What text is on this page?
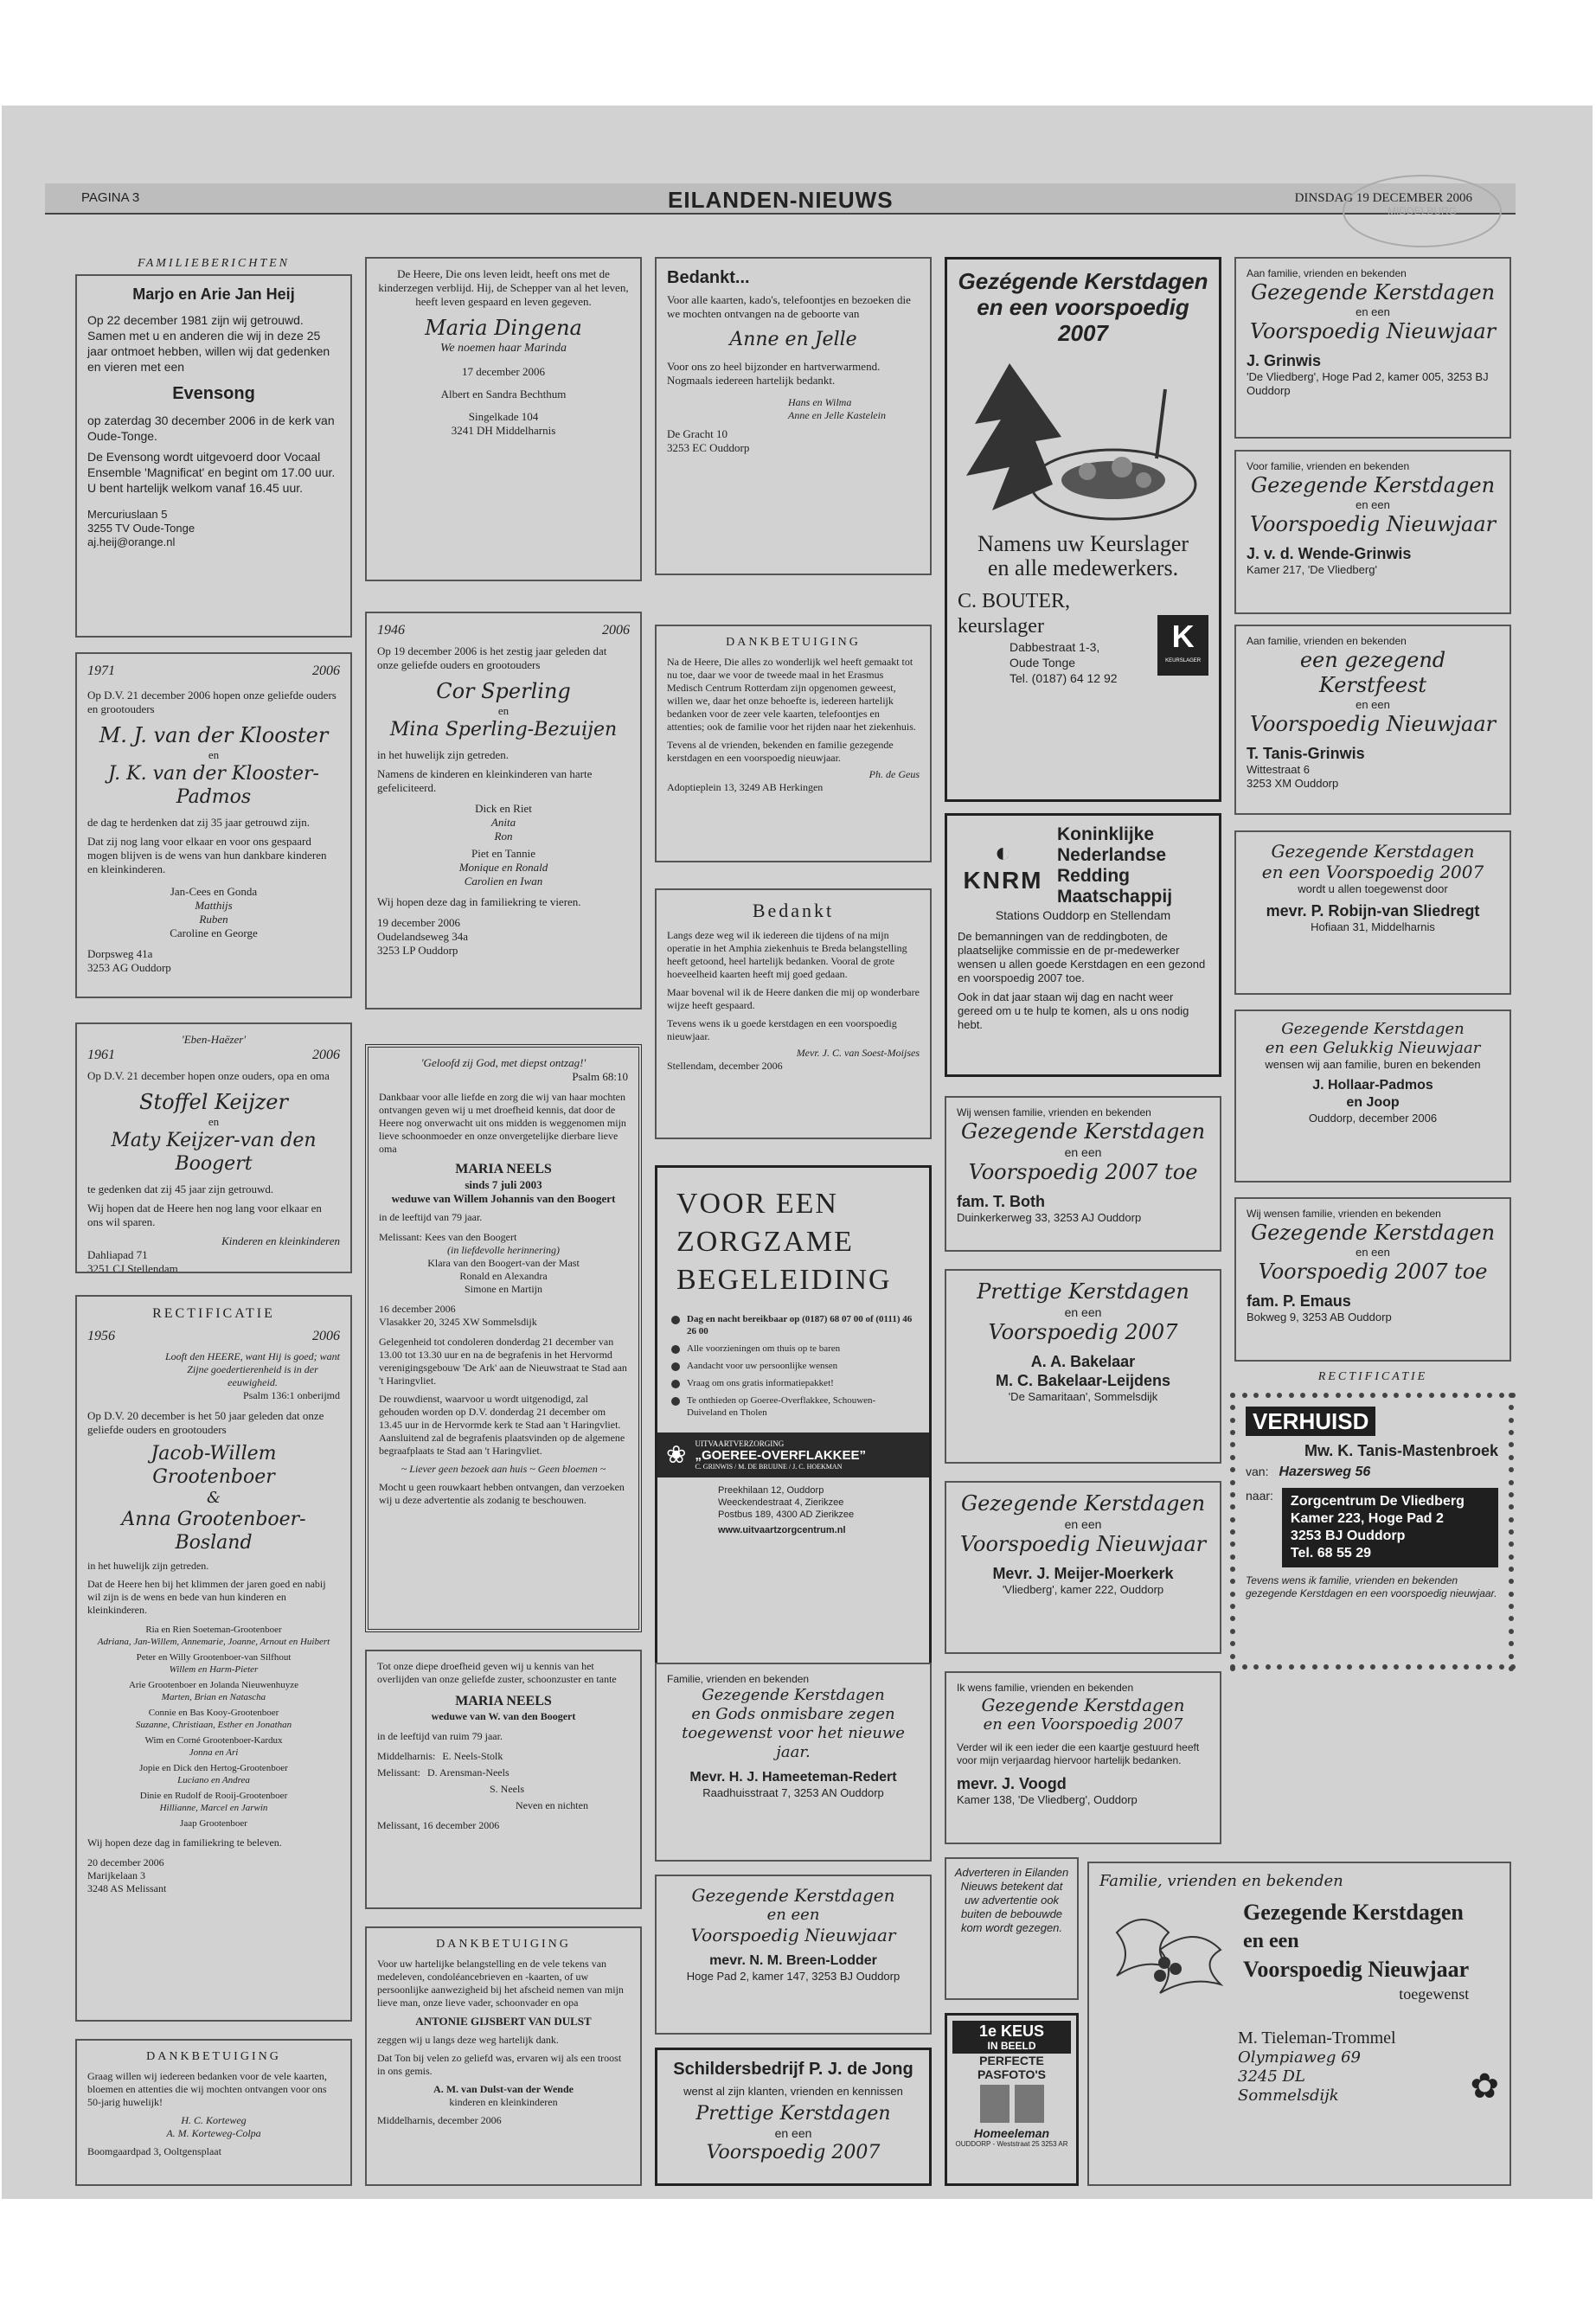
PAGINA 3	EILANDEN-NIEUWS	DINSDAG 19 DECEMBER 2006
MIDDELBURG
FAMILIEBERICHTEN

Marjo en Arie Jan Heij

Op 22 december 1981 zijn wij getrouwd. Samen met u en anderen die wij in deze 25 jaar ontmoet hebben, willen wij dat gedenken en vieren met een

Evensong

op zaterdag 30 december 2006 in de kerk van Oude-Tonge.

De Evensong wordt uitgevoerd door Vocaal Ensemble 'Magnificat' en begint om 17.00 uur. U bent hartelijk welkom vanaf 16.45 uur.

Mercuriuslaan 5

3255 TV Oude-Tonge

aj.heij@orange.nl

1971	2006

Op D.V. 21 december 2006 hopen onze geliefde ouders en grootouders

M. J. van der Klooster

en

J. K. van der Klooster-Padmos

de dag te herdenken dat zij 35 jaar getrouwd zijn.

Dat zij nog lang voor elkaar en voor ons gespaard mogen blijven is de wens van hun dankbare kinderen en kleinkinderen.

Jan-Cees en Gonda

Matthijs

Ruben

Caroline en George

Dorpsweg 41a

3253 AG Ouddorp

'Eben-Haëzer'

1961	2006

Op D.V. 21 december hopen onze ouders, opa en oma

Stoffel Keijzer

en

Maty Keijzer-van den Boogert

te gedenken dat zij 45 jaar zijn getrouwd.

Wij hopen dat de Heere hen nog lang voor elkaar en ons wil sparen.

Kinderen en kleinkinderen

Dahliapad 71

3251 CJ Stellendam

RECTIFICATIE

1956	2006

Looft den HEERE, want Hij is goed; want Zijne goedertierenheid is in der eeuwigheid.

Psalm 136:1 onberijmd

Op D.V. 20 december is het 50 jaar geleden dat onze geliefde ouders en grootouders

Jacob-Willem Grootenboer

&

Anna Grootenboer-Bosland

in het huwelijk zijn getreden.

Dat de Heere hen bij het klimmen der jaren goed en nabij wil zijn is de wens en bede van hun kinderen en kleinkinderen.

Ria en Rien Soeteman-Grootenboer

Adriana, Jan-Willem, Annemarie, Joanne, Arnout en Huibert

Peter en Willy Grootenboer-van Silfhout

Willem en Harm-Pieter

Arie Grootenboer en Jolanda Nieuwenhuyze

Marten, Brian en Natascha

Connie en Bas Kooy-Grootenboer

Suzanne, Christiaan, Esther en Jonathan

Wim en Corné Grootenboer-Kardux

Jonna en Ari

Jopie en Dick den Hertog-Grootenboer

Luciano en Andrea

Dinie en Rudolf de Rooij-Grootenboer

Hillianne, Marcel en Jarwin

Jaap Grootenboer

Wij hopen deze dag in familiekring te beleven.

20 december 2006

Marijkelaan 3

3248 AS Melissant

DANKBETUIGING

Graag willen wij iedereen bedanken voor de vele kaarten, bloemen en attenties die wij mochten ontvangen voor ons 50-jarig huwelijk!

H. C. Korteweg

A. M. Korteweg-Colpa

Boomgaardpad 3, Ooltgensplaat

De Heere, Die ons leven leidt, heeft ons met de kinderzegen verblijd. Hij, de Schepper van al het leven, heeft leven gespaard en leven gegeven.

Maria Dingena

We noemen haar Marinda

17 december 2006

Albert en Sandra Bechthum

Singelkade 104

3241 DH Middelharnis

1946	2006

Op 19 december 2006 is het zestig jaar geleden dat onze geliefde ouders en grootouders

Cor Sperling

en

Mina Sperling-Bezuijen

in het huwelijk zijn getreden.

Namens de kinderen en kleinkinderen van harte gefeliciteerd.

Dick en Riet

Anita

Ron

Piet en Tannie

Monique en Ronald

Carolien en Iwan

Wij hopen deze dag in familiekring te vieren.

19 december 2006

Oudelandseweg 34a

3253 LP Ouddorp

'Geloofd zij God, met diepst ontzag!'

Psalm 68:10

Dankbaar voor alle liefde en zorg die wij van haar mochten ontvangen geven wij u met droefheid kennis, dat door de Heere nog onverwacht uit ons midden is weggenomen mijn lieve schoonmoeder en onze onvergetelijke dierbare lieve oma

MARIA NEELS

sinds 7 juli 2003

weduwe van Willem Johannis van den Boogert

in de leeftijd van 79 jaar.

Melissant: Kees van den Boogert

(in liefdevolle herinnering)

Klara van den Boogert-van der Mast

Ronald en Alexandra

Simone en Martijn

16 december 2006

Vlasakker 20, 3245 XW Sommelsdijk

Gelegenheid tot condoleren donderdag 21 december van 13.00 tot 13.30 uur en na de begrafenis in het Hervormd verenigingsgebouw 'De Ark' aan de Nieuwstraat te Stad aan 't Haringvliet.

De rouwdienst, waarvoor u wordt uitgenodigd, zal gehouden worden op D.V. donderdag 21 december om 13.45 uur in de Hervormde kerk te Stad aan 't Haringvliet. Aansluitend zal de begrafenis plaatsvinden op de algemene begraafplaats te Stad aan 't Haringvliet.

~ Liever geen bezoek aan huis ~ Geen bloemen ~

Mocht u geen rouwkaart hebben ontvangen, dan verzoeken wij u deze advertentie als zodanig te beschouwen.

Tot onze diepe droefheid geven wij u kennis van het overlijden van onze geliefde zuster, schoonzuster en tante

MARIA NEELS

weduwe van W. van den Boogert

in de leeftijd van ruim 79 jaar.

Middelharnis: E. Neels-Stolk
Melissant: D. Arensman-Neels

S. Neels

Neven en nichten

Melissant, 16 december 2006

DANKBETUIGING

Voor uw hartelijke belangstelling en de vele tekens van medeleven, condoléancebrieven en -kaarten, of uw persoonlijke aanwezigheid bij het afscheid nemen van mijn lieve man, onze lieve vader, schoonvader en opa

ANTONIE GIJSBERT VAN DULST

zeggen wij u langs deze weg hartelijk dank.

Dat Ton bij velen zo geliefd was, ervaren wij als een troost in ons gemis.

A. M. van Dulst-van der Wende

kinderen en kleinkinderen

Middelharnis, december 2006

Bedankt...

Voor alle kaarten, kado's, telefoontjes en bezoeken die we mochten ontvangen na de geboorte van

Anne en Jelle

Voor ons zo heel bijzonder en hartverwarmend. Nogmaals iedereen hartelijk bedankt.

Hans en Wilma

Anne en Jelle Kastelein

De Gracht 10

3253 EC Ouddorp

DANKBETUIGING

Na de Heere, Die alles zo wonderlijk wel heeft gemaakt tot nu toe, daar we voor de tweede maal in het Erasmus Medisch Centrum Rotterdam zijn opgenomen geweest, willen we, daar het onze behoefte is, iedereen hartelijk bedanken voor de zeer vele kaarten, telefoontjes en attenties; ook de familie voor het rijden naar het ziekenhuis.

Tevens al de vrienden, bekenden en familie gezegende kerstdagen en een voorspoedig nieuwjaar.

Ph. de Geus

Adoptieplein 13, 3249 AB Herkingen

Bedankt

Langs deze weg wil ik iedereen die tijdens of na mijn operatie in het Amphia ziekenhuis te Breda belangstelling heeft getoond, heel hartelijk bedanken. Vooral de grote hoeveelheid kaarten heeft mij goed gedaan.

Maar bovenal wil ik de Heere danken die mij op wonderbare wijze heeft gespaard.

Tevens wens ik u goede kerstdagen en een voorspoedig nieuwjaar.

Mevr. J. C. van Soest-Moijses

Stellendam, december 2006

VOOR EEN

ZORGZAME

BEGELEIDING

Dag en nacht bereikbaar op (0187) 68 07 00 of (0111) 46 26 00
Alle voorzieningen om thuis op te baren
Aandacht voor uw persoonlijke wensen
Vraag om ons gratis informatiepakket!
Te onthieden op Goeree-Overflakkee, Schouwen-Duiveland en Tholen
❀ UITVAARTVERZORGING

„GOEREE-OVERFLAKKEE”

C. GRINWIS / M. DE BRUIJNE / J. C. HOEKMAN

Preekhilaan 12, Ouddorp

Weeckendestraat 4, Zierikzee

Postbus 189, 4300 AD Zierikzee

www.uitvaartzorgcentrum.nl

Familie, vrienden en bekenden

Gezegende Kerstdagen

en Gods onmisbare zegen

toegewenst voor het nieuwe jaar.

Mevr. H. J. Hameeteman-Redert

Raadhuisstraat 7, 3253 AN Ouddorp

Gezegende Kerstdagen

en een

Voorspoedig Nieuwjaar

mevr. N. M. Breen-Lodder

Hoge Pad 2, kamer 147, 3253 BJ Ouddorp

Schildersbedrijf P. J. de Jong

wenst al zijn klanten, vrienden en kennissen

Prettige Kerstdagen

en een

Voorspoedig 2007

Gezégende Kerstdagen

en een voorspoedig 2007

Namens uw Keurslager

en alle medewerkers.

C. BOUTER, keurslager

Dabbestraat 1-3,

Oude Tonge

Tel. (0187) 64 12 92

K

KEURSLAGER

◐

KNRM

Koninklijke

Nederlandse

Redding

Maatschappij

Stations Ouddorp en Stellendam

De bemanningen van de reddingboten, de plaatselijke commissie en de pr-medewerker wensen u allen goede Kerstdagen en een gezond en voorspoedig 2007 toe.

Ook in dat jaar staan wij dag en nacht weer gereed om u te hulp te komen, als u ons nodig hebt.

Wij wensen familie, vrienden en bekenden

Gezegende Kerstdagen

en een

Voorspoedig 2007 toe

fam. T. Both

Duinkerkerweg 33, 3253 AJ Ouddorp

Prettige Kerstdagen

en een

Voorspoedig 2007

A. A. Bakelaar

M. C. Bakelaar-Leijdens

'De Samaritaan', Sommelsdijk

Gezegende Kerstdagen

en een

Voorspoedig Nieuwjaar

Mevr. J. Meijer-Moerkerk

'Vliedberg', kamer 222, Ouddorp

Ik wens familie, vrienden en bekenden

Gezegende Kerstdagen

en een Voorspoedig 2007

Verder wil ik een ieder die een kaartje gestuurd heeft voor mijn verjaardag hiervoor hartelijk bedanken.

mevr. J. Voogd

Kamer 138, 'De Vliedberg', Ouddorp

Adverteren in Eilanden Nieuws betekent dat uw advertentie ook buiten de bebouwde kom wordt gezegen.

1e KEUS

IN BEELD

PERFECTE

PASFOTO'S

Homeeleman

OUDDORP - Weststraat 25 3253 AR

Aan familie, vrienden en bekenden

Gezegende Kerstdagen

en een

Voorspoedig Nieuwjaar

J. Grinwis

'De Vliedberg', Hoge Pad 2, kamer 005, 3253 BJ Ouddorp

Voor familie, vrienden en bekenden

Gezegende Kerstdagen

en een

Voorspoedig Nieuwjaar

J. v. d. Wende-Grinwis

Kamer 217, 'De Vliedberg'

Aan familie, vrienden en bekenden

een gezegend Kerstfeest

en een

Voorspoedig Nieuwjaar

T. Tanis-Grinwis

Wittestraat 6

3253 XM Ouddorp

Gezegende Kerstdagen

en een Voorspoedig 2007

wordt u allen toegewenst door

mevr. P. Robijn-van Sliedregt

Hofiaan 31, Middelharnis

Gezegende Kerstdagen

en een Gelukkig Nieuwjaar

wensen wij aan familie, buren en bekenden

J. Hollaar-Padmos

en Joop

Ouddorp, december 2006

Wij wensen familie, vrienden en bekenden

Gezegende Kerstdagen

en een

Voorspoedig 2007 toe

fam. P. Emaus

Bokweg 9, 3253 AB Ouddorp

RECTIFICATIE

VERHUISD

Mw. K. Tanis-Mastenbroek

van: Hazersweg 56
naar: Zorgcentrum De Vliedberg

Kamer 223, Hoge Pad 2

3253 BJ Ouddorp

Tel. 68 55 29

Tevens wens ik familie, vrienden en bekenden gezegende Kerstdagen en een voorspoedig nieuwjaar.

Familie, vrienden en bekenden

Gezegende Kerstdagen

en een

Voorspoedig Nieuwjaar

toegewenst

M. Tieleman-Trommel

Olympiaweg 69

3245 DL

Sommelsdijk	✿
